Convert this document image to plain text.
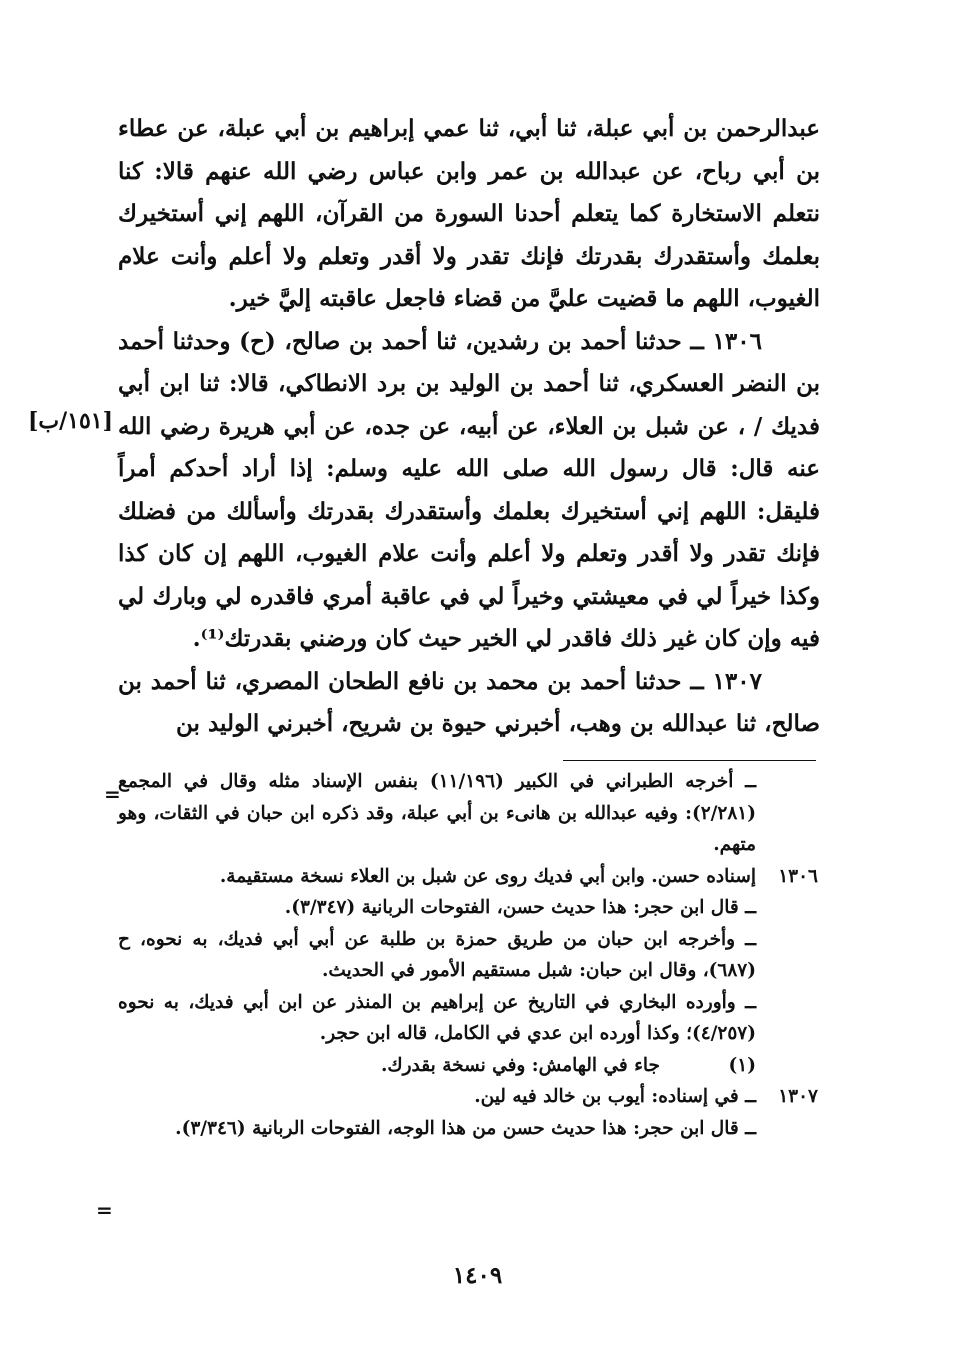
عبدالرحمن بن أبي عبلة، ثنا أبي، ثنا عمي إبراهيم بن أبي عبلة، عن عطاء بن أبي رباح، عن عبدالله بن عمر وابن عباس رضي الله عنهم قالا: كنا نتعلم الاستخارة كما يتعلم أحدنا السورة من القرآن، اللهم إني أستخيرك بعلمك وأستقدرك بقدرتك فإنك تقدر ولا أقدر وتعلم ولا أعلم وأنت علام الغيوب، اللهم ما قضيت عليَّ من قضاء فاجعل عاقبته إليَّ خير.

١٣٠٦ ــ حدثنا أحمد بن رشدين، ثنا أحمد بن صالح، (ح) وحدثنا أحمد بن النضر العسكري، ثنا أحمد بن الوليد بن برد الانطاكي، قالا: ثنا ابن أبي فديك / ، عن شبل بن العلاء، عن أبيه، عن جده، عن أبي هريرة رضي الله عنه قال: قال رسول الله صلى الله عليه وسلم: إذا أراد أحدكم أمراً فليقل: اللهم إني أستخيرك بعلمك وأستقدرك بقدرتك وأسألك من فضلك فإنك تقدر ولا أقدر وتعلم ولا أعلم وأنت علام الغيوب، اللهم إن كان كذا وكذا خيراً لي في معيشتي وخيراً لي في عاقبة أمري فاقدره لي وبارك لي فيه وإن كان غير ذلك فاقدر لي الخير حيث كان ورضني بقدرتك⁽¹⁾.

١٣٠٧ ــ حدثنا أحمد بن محمد بن نافع الطحان المصري، ثنا أحمد بن صالح، ثنا عبدالله بن وهب، أخبرني حيوة بن شريح، أخبرني الوليد بن

[١٥١/ب]
=
ــ أخرجه الطبراني في الكبير (١١/١٩٦) بنفس الإسناد مثله وقال في المجمع (٢/٢٨١): وفيه عبدالله بن هانىء بن أبي عبلة، وقد ذكره ابن حبان في الثقات، وهو متهم.
١٣٠٦
إسناده حسن. وابن أبي فديك روى عن شبل بن العلاء نسخة مستقيمة.
ــ قال ابن حجر: هذا حديث حسن، الفتوحات الربانية (٣/٣٤٧).
ــ وأخرجه ابن حبان من طريق حمزة بن طلبة عن أبي أبي فديك، به نحوه، ح (٦٨٧)، وقال ابن حبان: شبل مستقيم الأمور في الحديث.
ــ وأورده البخاري في التاريخ عن إبراهيم بن المنذر عن ابن أبي فديك، به نحوه (٤/٢٥٧)؛ وكذا أورده ابن عدي في الكامل، قاله ابن حجر.
(١)
جاء في الهامش: وفي نسخة بقدرك.
١٣٠٧
ــ في إسناده: أيوب بن خالد فيه لين.
ــ قال ابن حجر: هذا حديث حسن من هذا الوجه، الفتوحات الربانية (٣/٣٤٦).
=
١٤٠٩
